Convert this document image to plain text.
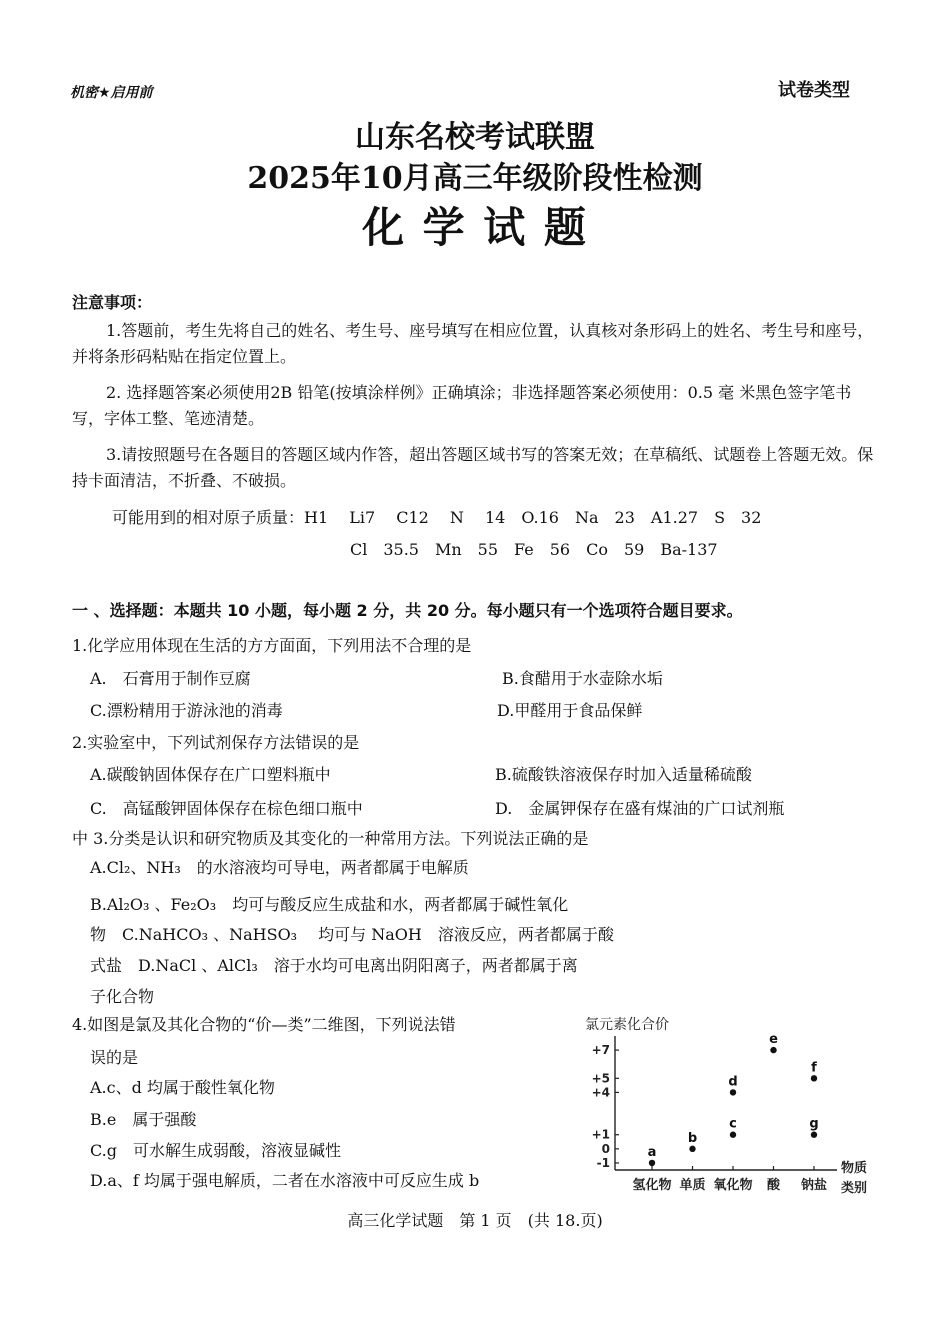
机密★启用前	试卷类型
山东名校考试联盟
2025年10月高三年级阶段性检测
化 学 试 题
注意事项：
1.答题前，考生先将自己的姓名、考生号、座号填写在相应位置，认真核对条形码上的姓名、考生号和座号，并将条形码粘贴在指定位置上。
2. 选择题答案必须使用2B 铅笔(按填涂样例》正确填涂；非选择题答案必须使用：0.5 毫 米黑色签字笔书写，字体工整、笔迹清楚。
3.请按照题号在各题目的答题区域内作答，超出答题区域书写的答案无效；在草稿纸、试题卷上答题无效。保持卡面清洁，不折叠、不破损。
可能用到的相对原子质量：H1　 Li7　 C12　 N　 14　O.16　Na　23　A1.27　S　32
Cl　35.5　Mn　55　Fe　56　Co　59　Ba-137
一 、选择题：本题共 10 小题，每小题 2 分，共 20 分。每小题只有一个选项符合题目要求。
1.化学应用体现在生活的方方面面，下列用法不合理的是
A.　石膏用于制作豆腐	B.食醋用于水壶除水垢
C.漂粉精用于游泳池的消毒	D.甲醛用于食品保鲜
2.实验室中，下列试剂保存方法错误的是
A.碳酸钠固体保存在广口塑料瓶中	B.硫酸铁溶液保存时加入适量稀硫酸
C.　高锰酸钾固体保存在棕色细口瓶中	D.　金属钾保存在盛有煤油的广口试剂瓶
中 3.分类是认识和研究物质及其变化的一种常用方法。下列说法正确的是
A.Cl₂、NH₃　的水溶液均可导电，两者都属于电解质
B.Al₂O₃ 、Fe₂O₃　均可与酸反应生成盐和水，两者都属于碱性氧化
物　C.NaHCO₃ 、NaHSO₃　 均可与 NaOH　溶液反应，两者都属于酸
式盐　D.NaCl 、AlCl₃　溶于水均可电离出阴阳离子，两者都属于离
子化合物
4.如图是氯及其化合物的“价—类”二维图，下列说法错
误的是
A.c、d 均属于酸性氧化物
B.e　属于强酸
C.g　可水解生成弱酸，溶液显碱性
D.a、f 均属于强电解质，二者在水溶液中可反应生成 b
氯元素化合价
+7
+5
+4
+1
0
-1
氢化物 单质 氧化物 酸 钠盐
a
b
c
d
e
f
g
物质
类别
高三化学试题　第 1 页　(共 18.页)
